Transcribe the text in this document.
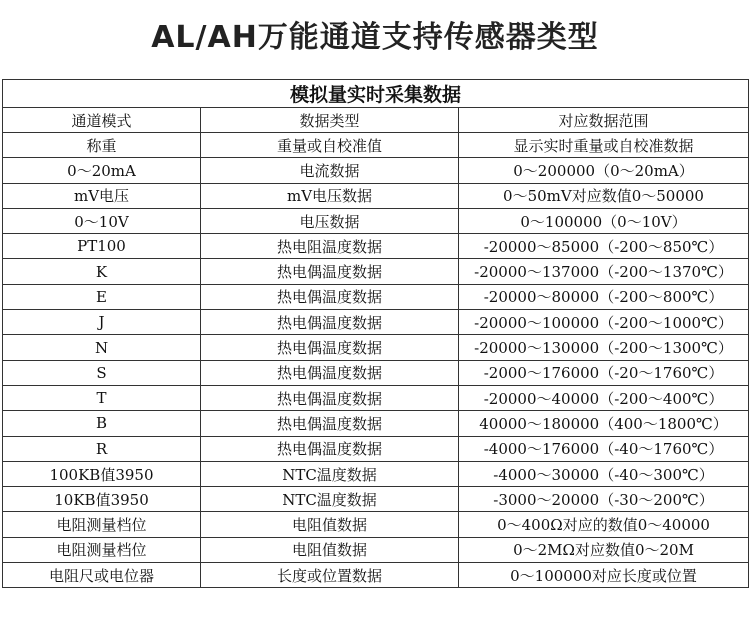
AL/AH万能通道支持传感器类型
模拟量实时采集数据		
通道模式	数据类型	对应数据范围
称重	重量或自校准值	显示实时重量或自校准数据
0～20mA	电流数据	0～200000（0～20mA）
mV电压	mV电压数据	0～50mV对应数值0～50000
0～10V	电压数据	0～100000（0～10V）
PT100	热电阻温度数据	-20000～85000（-200～850℃）
K	热电偶温度数据	-20000～137000（-200～1370℃）
E	热电偶温度数据	-20000～80000（-200～800℃）
J	热电偶温度数据	-20000～100000（-200～1000℃）
N	热电偶温度数据	-20000～130000（-200～1300℃）
S	热电偶温度数据	-2000～176000（-20～1760℃）
T	热电偶温度数据	-20000～40000（-200～400℃）
B	热电偶温度数据	40000～180000（400～1800℃）
R	热电偶温度数据	-4000～176000（-40～1760℃）
100KB值3950	NTC温度数据	-4000～30000（-40～300℃）
10KB值3950	NTC温度数据	-3000～20000（-30～200℃）
电阻测量档位	电阻值数据	0～400Ω对应的数值0～40000
电阻测量档位	电阻值数据	0～2MΩ对应数值0～20M
电阻尺或电位器	长度或位置数据	0～100000对应长度或位置
